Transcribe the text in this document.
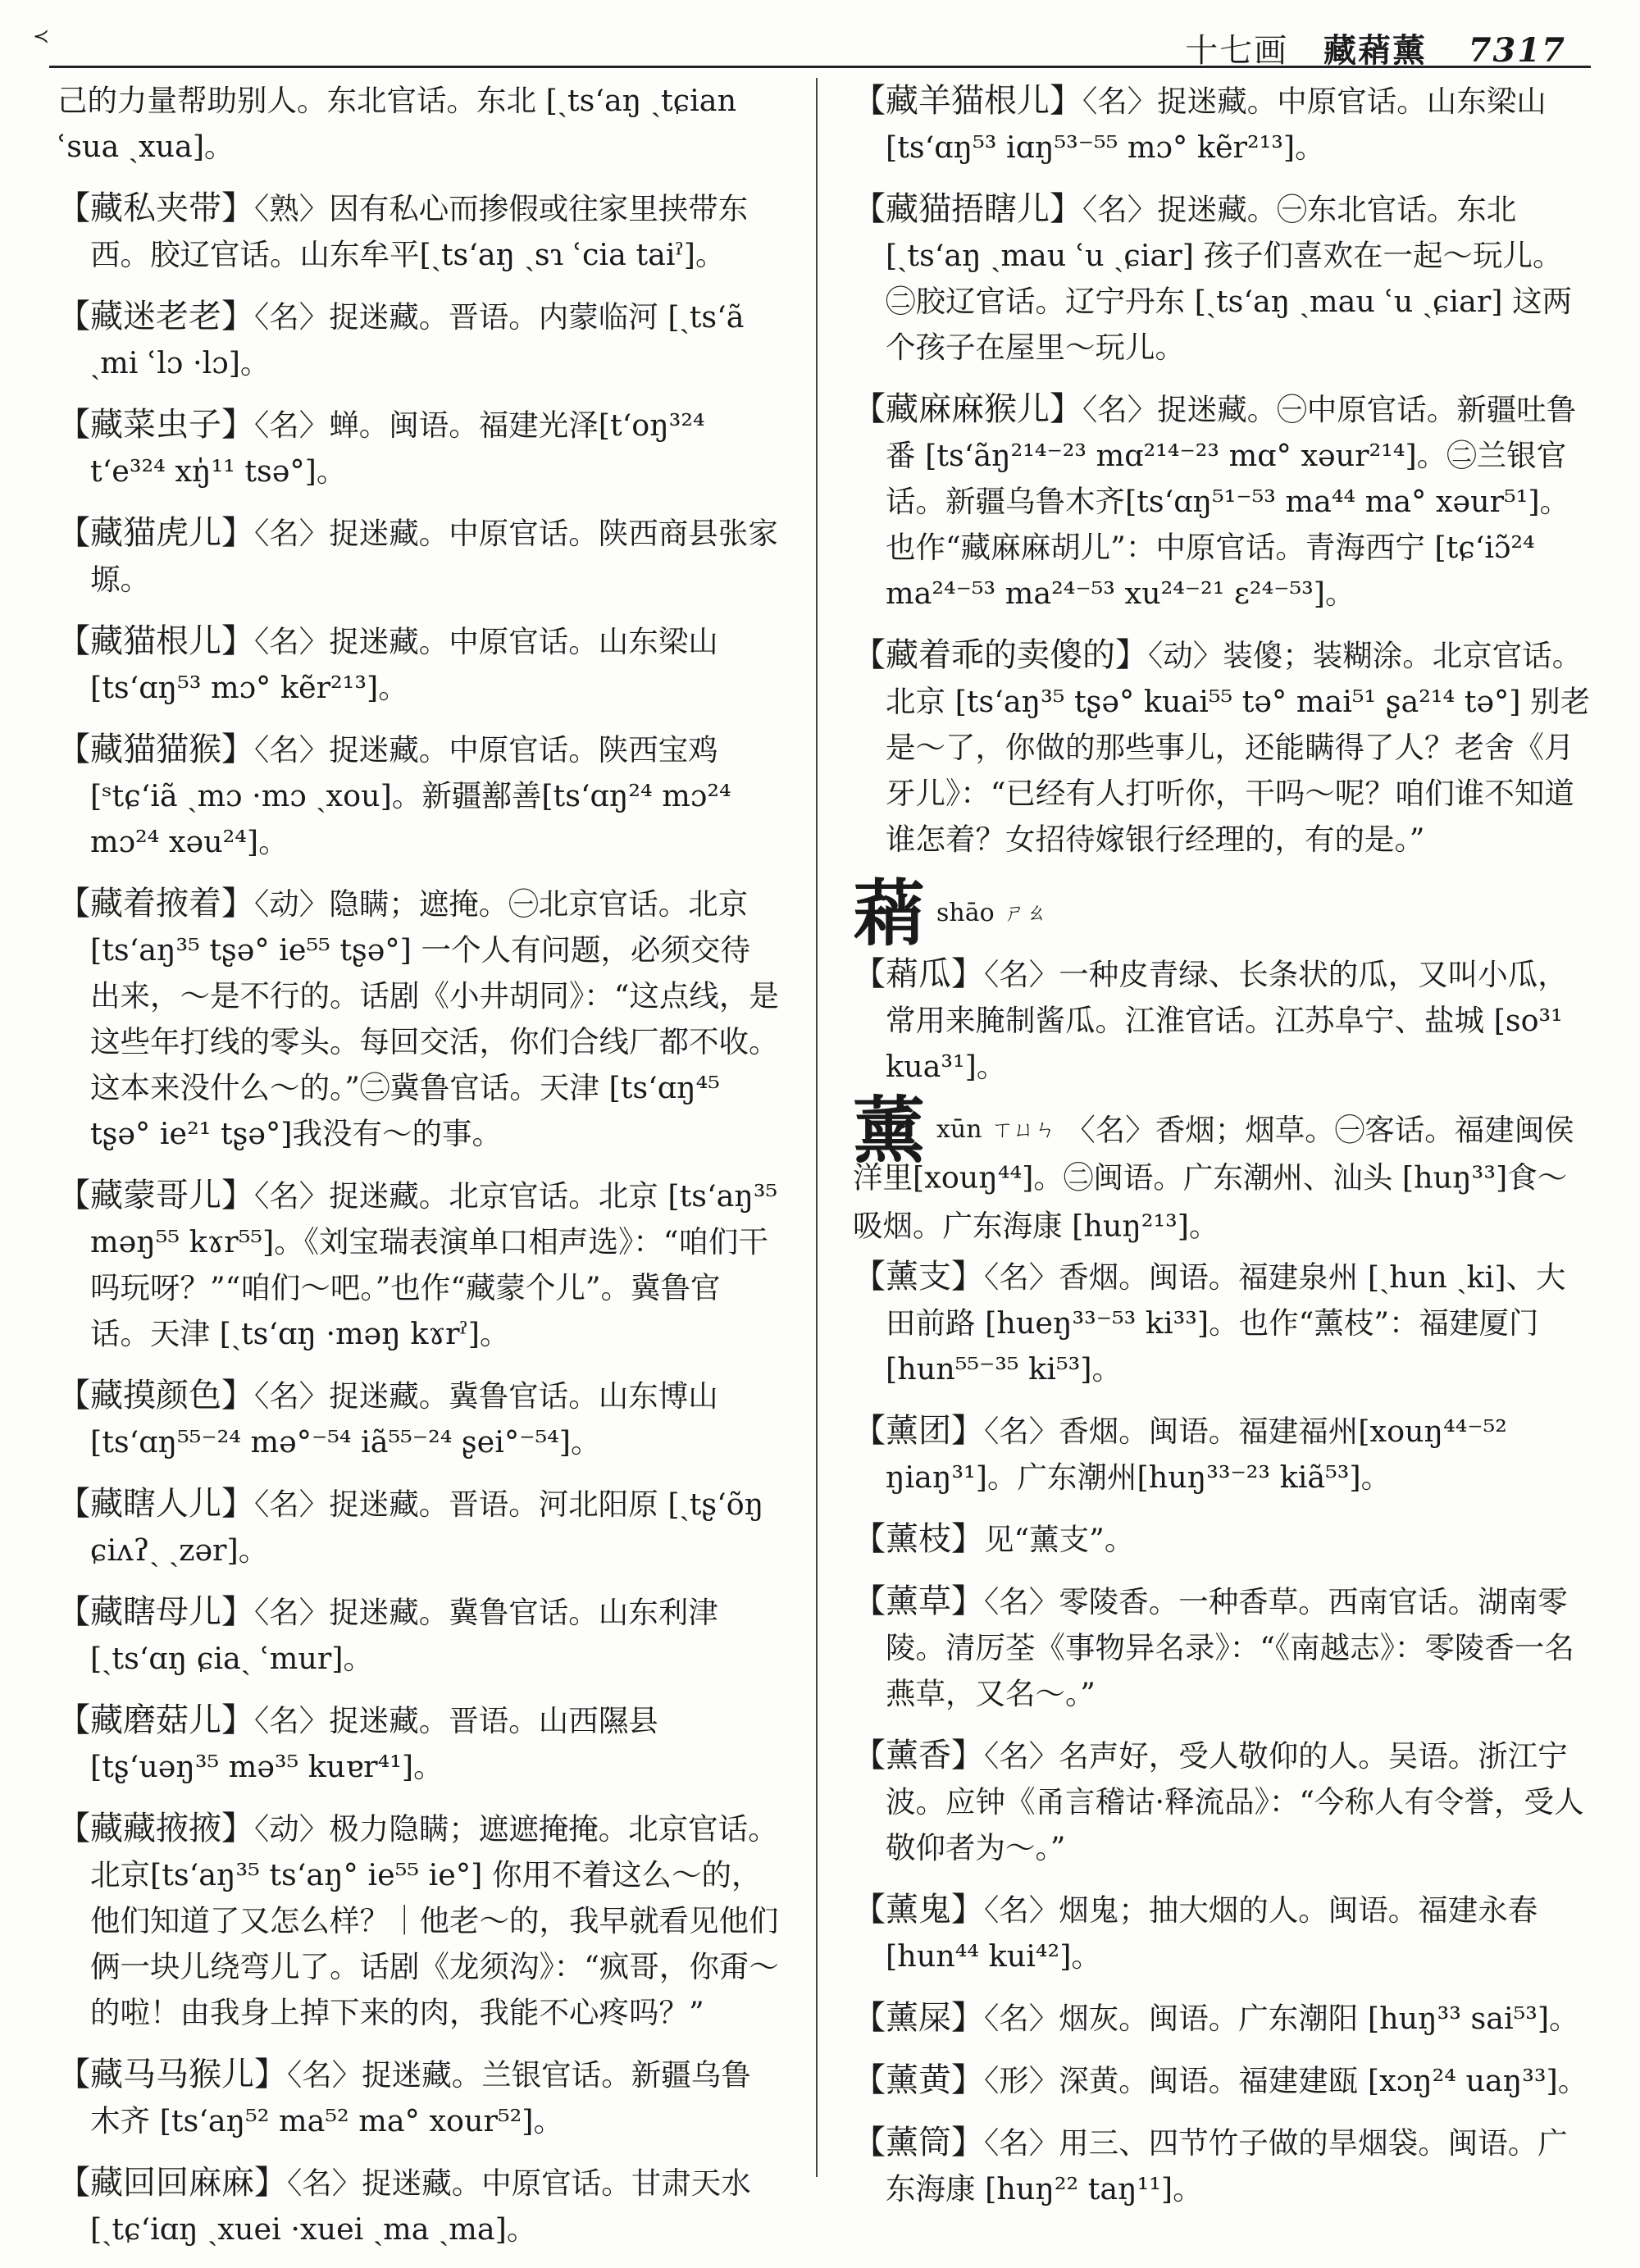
≺	十七画 藏蕱薰 7317
己的力量帮助别人。东北官话。东北 [ˏtsʻaŋ ˏtɕian ʿsua ˏxua]。
【藏私夹带】〈熟〉因有私心而掺假或往家里挟带东西。胶辽官话。山东牟平[ˏtsʻaŋ ˏsɿ ʿcia taiˀ]。
【藏迷老老】〈名〉捉迷藏。晋语。内蒙临河 [ˏtsʻã ˏmi ʿlɔ ·lɔ]。
【藏菜虫子】〈名〉蝉。闽语。福建光泽[tʻoŋ³²⁴ tʻe³²⁴ xŋ̍¹¹ tsə°]。
【藏猫虎儿】〈名〉捉迷藏。中原官话。陕西商县张家塬。
【藏猫根儿】〈名〉捉迷藏。中原官话。山东梁山 [tsʻɑŋ⁵³ mɔ° kẽr²¹³]。
【藏猫猫猴】〈名〉捉迷藏。中原官话。陕西宝鸡 [ˢtɕʻiã ˏmɔ ·mɔ ˏxou]。新疆鄯善[tsʻɑŋ²⁴ mɔ²⁴ mɔ²⁴ xəu²⁴]。
【藏着掖着】〈动〉隐瞒；遮掩。㊀北京官话。北京 [tsʻaŋ³⁵ tʂə° ie⁵⁵ tʂə°] 一个人有问题，必须交待出来，～是不行的。话剧《小井胡同》：“这点线，是这些年打线的零头。每回交活，你们合线厂都不收。这本来没什么～的。”㊁冀鲁官话。天津 [tsʻɑŋ⁴⁵ tʂə° ie²¹ tʂə°]我没有～的事。
【藏蒙哥儿】〈名〉捉迷藏。北京官话。北京 [tsʻaŋ³⁵ məŋ⁵⁵ kɤr⁵⁵]。《刘宝瑞表演单口相声选》：“咱们干吗玩呀？”“咱们～吧。”也作“藏蒙个儿”。冀鲁官话。天津 [ˏtsʻɑŋ ·məŋ kɤrˀ]。
【藏摸颜色】〈名〉捉迷藏。冀鲁官话。山东博山 [tsʻɑŋ⁵⁵⁻²⁴ mə°⁻⁵⁴ iã⁵⁵⁻²⁴ ʂei°⁻⁵⁴]。
【藏瞎人儿】〈名〉捉迷藏。晋语。河北阳原 [ˏtʂʻõŋ ɕiʌʔˏ ˏzər]。
【藏瞎母儿】〈名〉捉迷藏。冀鲁官话。山东利津[ˏtsʻɑŋ ɕiaˏ ʿmur]。
【藏磨菇儿】〈名〉捉迷藏。晋语。山西隰县[tʂʻuəŋ³⁵ mə³⁵ kuɐr⁴¹]。
【藏藏掖掖】〈动〉极力隐瞒；遮遮掩掩。北京官话。北京[tsʻaŋ³⁵ tsʻaŋ° ie⁵⁵ ie°] 你用不着这么～的，他们知道了又怎么样？｜他老～的，我早就看见他们俩一块儿绕弯儿了。话剧《龙须沟》：“疯哥，你甭～的啦！由我身上掉下来的肉，我能不心疼吗？”
【藏马马猴儿】〈名〉捉迷藏。兰银官话。新疆乌鲁木齐 [tsʻaŋ⁵² ma⁵² ma° xour⁵²]。
【藏回回麻麻】〈名〉捉迷藏。中原官话。甘肃天水 [ˏtɕʻiɑŋ ˏxuei ·xuei ˏma ˏma]。
【藏羊猫根儿】〈名〉捉迷藏。中原官话。山东梁山 [tsʻɑŋ⁵³ iɑŋ⁵³⁻⁵⁵ mɔ° kẽr²¹³]。
【藏猫捂瞎儿】〈名〉捉迷藏。㊀东北官话。东北[ˏtsʻaŋ ˏmau ʿu ˏɕiar] 孩子们喜欢在一起～玩儿。㊁胶辽官话。辽宁丹东 [ˏtsʻaŋ ˏmau ʿu ˏɕiar] 这两个孩子在屋里～玩儿。
【藏麻麻猴儿】〈名〉捉迷藏。㊀中原官话。新疆吐鲁番 [tsʻãŋ²¹⁴⁻²³ mɑ²¹⁴⁻²³ mɑ° xəur²¹⁴]。㊁兰银官话。新疆乌鲁木齐[tsʻɑŋ⁵¹⁻⁵³ ma⁴⁴ ma° xəur⁵¹]。也作“藏麻麻胡儿”：中原官话。青海西宁 [tɕʻiɔ̃²⁴ ma²⁴⁻⁵³ ma²⁴⁻⁵³ xu²⁴⁻²¹ ɛ²⁴⁻⁵³]。
【藏着乖的卖傻的】〈动〉装傻；装糊涂。北京官话。北京 [tsʻaŋ³⁵ tʂə° kuai⁵⁵ tə° mai⁵¹ ʂa²¹⁴ tə°] 别老是～了，你做的那些事儿，还能瞒得了人？老舍《月牙儿》：“已经有人打听你，干吗～呢？咱们谁不知道谁怎着？女招待嫁银行经理的，有的是。”
蕱shāo ㄕㄠ
【蕱瓜】〈名〉一种皮青绿、长条状的瓜，又叫小瓜，常用来腌制酱瓜。江淮官话。江苏阜宁、盐城 [so³¹ kua³¹]。
薰xūn ㄒㄩㄣ 〈名〉香烟；烟草。㊀客话。福建闽侯洋里[xouŋ⁴⁴]。㊁闽语。广东潮州、汕头 [huŋ³³]食～吸烟。广东海康 [huŋ²¹³]。
【薰支】〈名〉香烟。闽语。福建泉州 [ˏhun ˏki]、大田前路 [hueŋ³³⁻⁵³ ki³³]。也作“薰枝”：福建厦门 [hun⁵⁵⁻³⁵ ki⁵³]。
【薰团】〈名〉香烟。闽语。福建福州[xouŋ⁴⁴⁻⁵² ŋiaŋ³¹]。广东潮州[huŋ³³⁻²³ kiã⁵³]。
【薰枝】见“薰支”。
【薰草】〈名〉零陵香。一种香草。西南官话。湖南零陵。清厉荃《事物异名录》：“《南越志》：零陵香一名燕草，又名～。”
【薰香】〈名〉名声好，受人敬仰的人。吴语。浙江宁波。应钟《甬言稽诂·释流品》：“今称人有令誉，受人敬仰者为～。”
【薰鬼】〈名〉烟鬼；抽大烟的人。闽语。福建永春[hun⁴⁴ kui⁴²]。
【薰屎】〈名〉烟灰。闽语。广东潮阳 [huŋ³³ sai⁵³]。
【薰黄】〈形〉深黄。闽语。福建建瓯 [xɔŋ²⁴ uaŋ³³]。
【薰筒】〈名〉用三、四节竹子做的旱烟袋。闽语。广东海康 [huŋ²² taŋ¹¹]。
